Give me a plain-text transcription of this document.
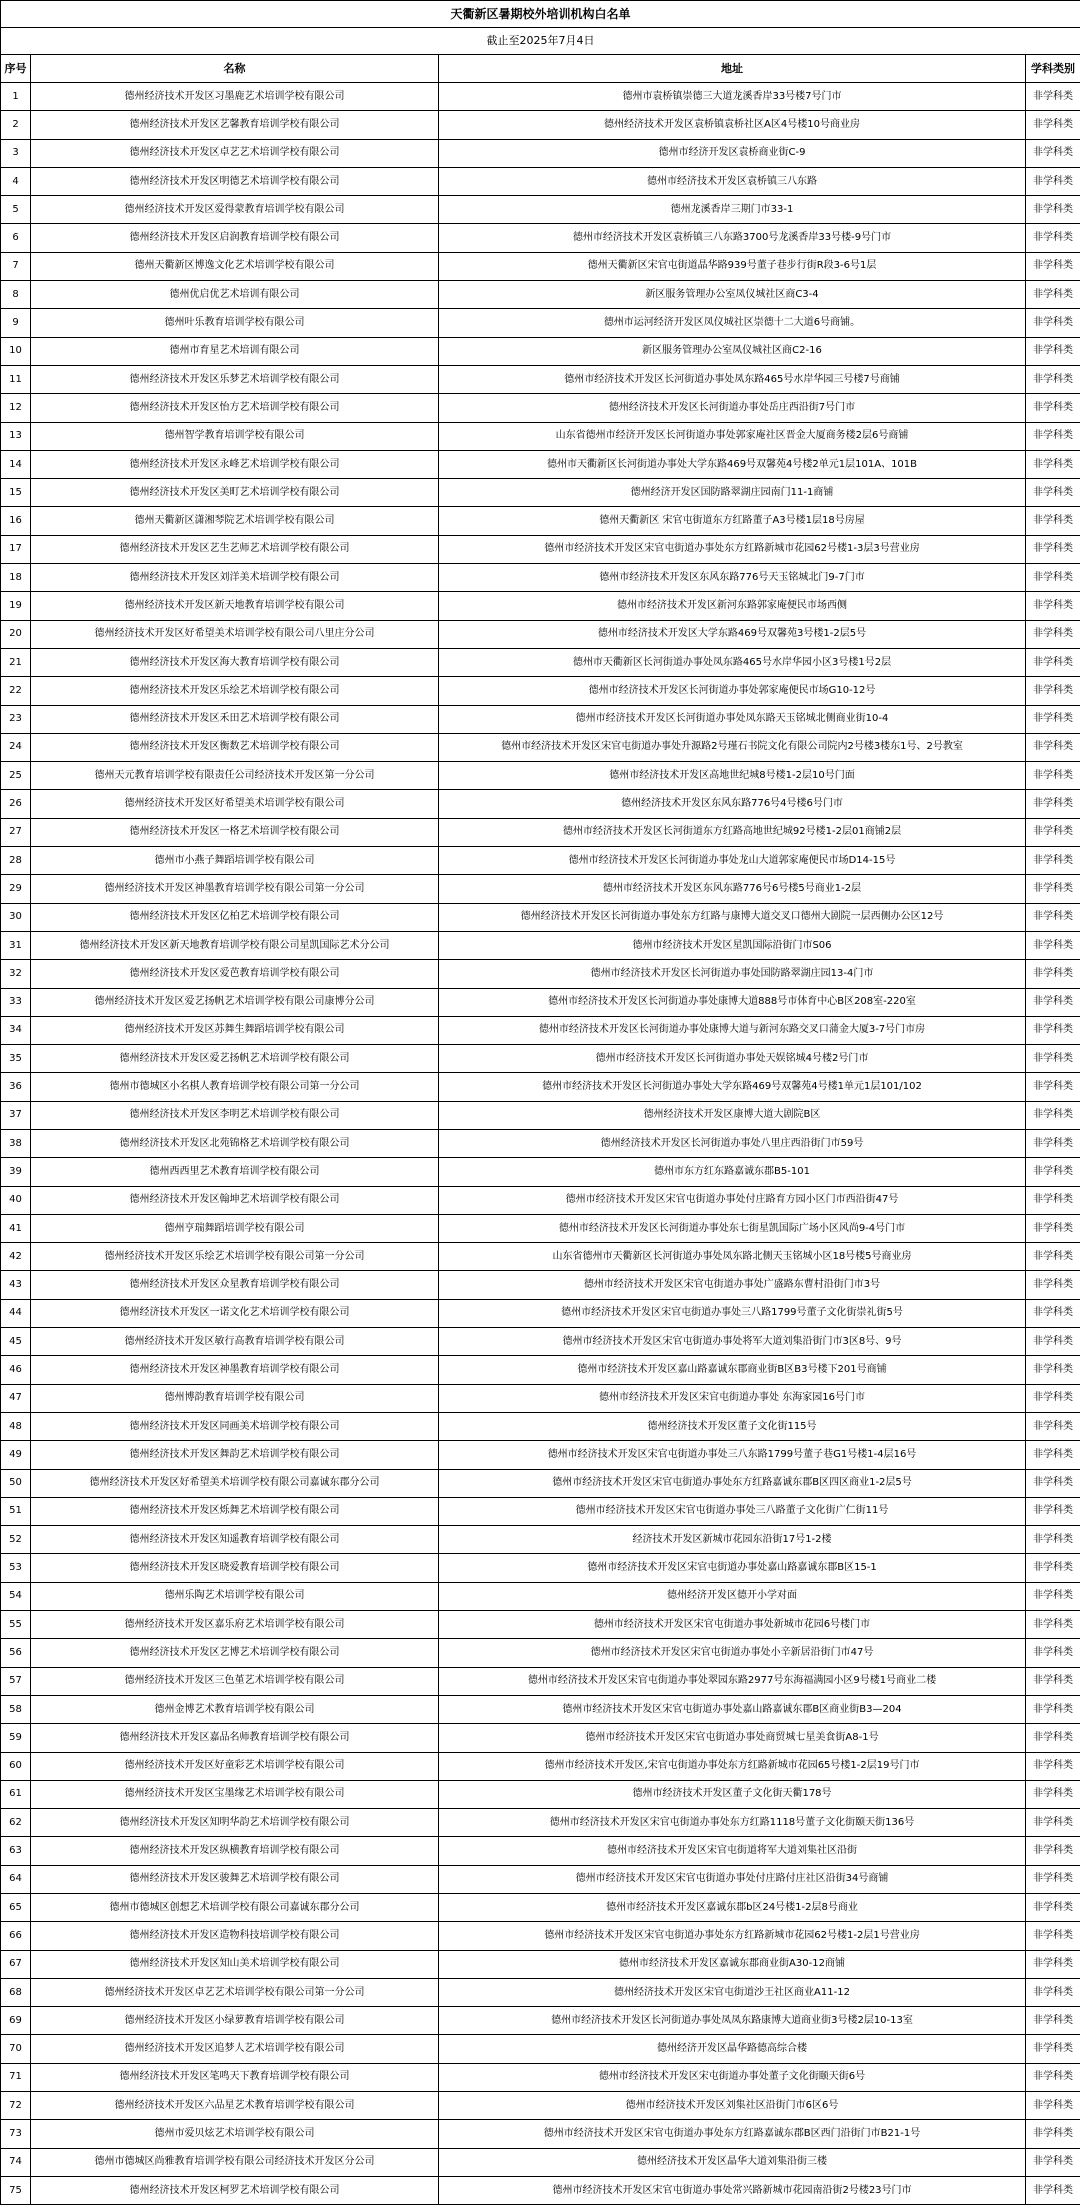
天衢新区暑期校外培训机构白名单			
截止至2025年7月4日			
序号	名称	地址	学科类别
1	德州经济技术开发区习墨鹿艺术培训学校有限公司	德州市袁桥镇崇德三大道龙溪香岸33号楼7号门市	非学科类
2	德州经济技术开发区艺馨教育培训学校有限公司	德州经济技术开发区袁桥镇袁桥社区A区4号楼10号商业房	非学科类
3	德州经济技术开发区卓艺艺术培训学校有限公司	德州市经济开发区袁桥商业街C-9	非学科类
4	德州经济技术开发区明德艺术培训学校有限公司	德州市经济技术开发区袁桥镇三八东路	非学科类
5	德州经济技术开发区爱得蒙教育培训学校有限公司	德州龙溪香岸三期门市33-1	非学科类
6	德州经济技术开发区启润教育培训学校有限公司	德州市经济技术开发区袁桥镇三八东路3700号龙溪香岸33号楼-9号门市	非学科类
7	德州天衢新区博逸文化艺术培训学校有限公司	德州天衢新区宋官屯街道晶华路939号董子巷步行街R段3-6号1层	非学科类
8	德州优启优艺术培训有限公司	新区服务管理办公室凤仪城社区商C3-4	非学科类
9	德州叶乐教育培训学校有限公司	德州市运河经济开发区凤仪城社区崇德十二大道6号商铺。	非学科类
10	德州市育星艺术培训有限公司	新区服务管理办公室凤仪城社区商C2-16	非学科类
11	德州经济技术开发区乐梦艺术培训学校有限公司	德州市经济技术开发区长河街道办事处凤东路465号水岸华园三号楼7号商铺	非学科类
12	德州经济技术开发区怡方艺术培训学校有限公司	德州经济技术开发区长河街道办事处岳庄西沿街7号门市	非学科类
13	德州智学教育培训学校有限公司	山东省德州市经济开发区长河街道办事处郭家庵社区晋金大厦商务楼2层6号商铺	非学科类
14	德州经济技术开发区永峰艺术培训学校有限公司	德州市天衢新区长河街道办事处大学东路469号双馨苑4号楼2单元1层101A、101B	非学科类
15	德州经济技术开发区美町艺术培训学校有限公司	德州经济开发区国防路翠湖庄园南门11-1商铺	非学科类
16	德州天衢新区潇湘琴院艺术培训学校有限公司	德州天衢新区 宋官屯街道东方红路董子A3号楼1层18号房屋	非学科类
17	德州经济技术开发区艺生艺师艺术培训学校有限公司	德州市经济技术开发区宋官屯街道办事处东方红路新城市花园62号楼1-3层3号营业房	非学科类
18	德州经济技术开发区刘洋美术培训学校有限公司	德州市经济技术开发区东风东路776号天玉铭城北门9-7门市	非学科类
19	德州经济技术开发区新天地教育培训学校有限公司	德州市经济技术开发区新河东路郭家庵便民市场西侧	非学科类
20	德州经济技术开发区好希望美术培训学校有限公司八里庄分公司	德州市经济技术开发区大学东路469号双馨苑3号楼1-2层5号	非学科类
21	德州经济技术开发区海大教育培训学校有限公司	德州市天衢新区长河街道办事处凤东路465号水岸华园小区3号楼1号2层	非学科类
22	德州经济技术开发区乐绘艺术培训学校有限公司	德州市经济技术开发区长河街道办事处郭家庵便民市场G10-12号	非学科类
23	德州经济技术开发区禾田艺术培训学校有限公司	德州市经济技术开发区长河街道办事处凤东路天玉铭城北侧商业街10-4	非学科类
24	德州经济技术开发区衡数艺术培训学校有限公司	德州市经济技术开发区宋官屯街道办事处升源路2号瑾石书院文化有限公司院内2号楼3楼东1号、2号教室	非学科类
25	德州天元教育培训学校有限责任公司经济技术开发区第一分公司	德州市经济技术开发区高地世纪城8号楼1-2层10号门面	非学科类
26	德州经济技术开发区好希望美术培训学校有限公司	德州经济技术开发区东风东路776号4号楼6号门市	非学科类
27	德州经济技术开发区一格艺术培训学校有限公司	德州市经济技术开发区长河街道东方红路高地世纪城92号楼1-2层01商铺2层	非学科类
28	德州市小燕子舞蹈培训学校有限公司	德州市经济技术开发区长河街道办事处龙山大道郭家庵便民市场D14-15号	非学科类
29	德州经济技术开发区神墨教育培训学校有限公司第一分公司	德州市经济技术开发区东风东路776号6号楼5号商业1-2层	非学科类
30	德州经济技术开发区亿柏艺术培训学校有限公司	德州经济技术开发区长河街道办事处东方红路与康博大道交叉口德州大剧院一层西侧办公区12号	非学科类
31	德州经济技术开发区新天地教育培训学校有限公司星凯国际艺术分公司	德州市经济技术开发区星凯国际沿街门市S06	非学科类
32	德州经济技术开发区爱芭教育培训学校有限公司	德州市经济技术开发区长河街道办事处国防路翠湖庄园13-4门市	非学科类
33	德州经济技术开发区爱艺扬帆艺术培训学校有限公司康博分公司	德州市经济技术开发区长河街道办事处康博大道888号市体育中心B区208室-220室	非学科类
34	德州经济技术开发区苏舞生舞蹈培训学校有限公司	德州市经济技术开发区长河街道办事处康博大道与新河东路交叉口蒲金大厦3-7号门市房	非学科类
35	德州经济技术开发区爱艺扬帆艺术培训学校有限公司	德州市经济技术开发区长河街道办事处天娱铭城4号楼2号门市	非学科类
36	德州市德城区小名棋人教育培训学校有限公司第一分公司	德州市经济技术开发区长河街道办事处大学东路469号双馨苑4号楼1单元1层101/102	非学科类
37	德州经济技术开发区李明艺术培训学校有限公司	德州经济技术开发区康博大道大剧院B区	非学科类
38	德州经济技术开发区北苑锦格艺术培训学校有限公司	德州经济技术开发区长河街道办事处八里庄西沿街门市59号	非学科类
39	德州西西里艺术教育培训学校有限公司	德州市东方红东路嘉诚东郡B5-101	非学科类
40	德州经济技术开发区翰坤艺术培训学校有限公司	德州市经济技术开发区宋官屯街道办事处付庄路育方园小区门市西沿街47号	非学科类
41	德州亨瑞舞蹈培训学校有限公司	德州市经济技术开发区长河街道办事处东七街星凯国际广场小区风尚9-4号门市	非学科类
42	德州经济技术开发区乐绘艺术培训学校有限公司第一分公司	山东省德州市天衢新区长河街道办事处凤东路北侧天玉铭城小区18号楼5号商业房	非学科类
43	德州经济技术开发区众星教育培训学校有限公司	德州市经济技术开发区宋官屯街道办事处广盛路东曹村沿街门市3号	非学科类
44	德州经济技术开发区一诺文化艺术培训学校有限公司	德州市经济技术开发区宋官屯街道办事处三八路1799号董子文化街崇礼街5号	非学科类
45	德州经济技术开发区敏行高教育培训学校有限公司	德州市经济技术开发区宋官屯街道办事处将军大道刘集沿街门市3区8号、9号	非学科类
46	德州经济技术开发区神墨教育培训学校有限公司	德州市经济技术开发区嘉山路嘉诚东郡商业街B区B3号楼下201号商铺	非学科类
47	德州博韵教育培训学校有限公司	德州市经济技术开发区宋官屯街道办事处 东海家园16号门市	非学科类
48	德州经济技术开发区同画美术培训学校有限公司	德州经济技术开发区董子文化街115号	非学科类
49	德州经济技术开发区舞韵艺术培训学校有限公司	德州市经济技术开发区宋官屯街道办事处三八东路1799号董子巷G1号楼1-4层16号	非学科类
50	德州经济技术开发区好希望美术培训学校有限公司嘉诚东郡分公司	德州市经济技术开发区宋官屯街道办事处东方红路嘉诚东郡B区四区商业1-2层5号	非学科类
51	德州经济技术开发区烁舞艺术培训学校有限公司	德州市经济技术开发区宋官屯街道办事处三八路董子文化街广仁街11号	非学科类
52	德州经济技术开发区知遥教育培训学校有限公司	经济技术开发区新城市花园东沿街17号1-2楼	非学科类
53	德州经济技术开发区晓爱教育培训学校有限公司	德州市经济技术开发区宋官屯街道办事处嘉山路嘉诚东郡B区15-1	非学科类
54	德州乐陶艺术培训学校有限公司	德州经济开发区德开小学对面	非学科类
55	德州经济技术开发区嘉乐府艺术培训学校有限公司	德州市经济技术开发区宋官屯街道办事处新城市花园6号楼门市	非学科类
56	德州经济技术开发区艺博艺术培训学校有限公司	德州市经济技术开发区宋官屯街道办事处小辛新居沿街门市47号	非学科类
57	德州经济技术开发区三色堇艺术培训学校有限公司	德州市经济技术开发区宋官屯街道办事处翠园东路2977号东海福满园小区9号楼1号商业二楼	非学科类
58	德州金博艺术教育培训学校有限公司	德州市经济技术开发区宋官屯街道办事处嘉山路嘉诚东郡B区商业街B3—204	非学科类
59	德州经济技术开发区嘉品名师教育培训学校有限公司	德州市经济技术开发区宋官屯街道办事处商贸城七星美食街A8-1号	非学科类
60	德州经济技术开发区好童彩艺术培训学校有限公司	德州市经济技术开发区,宋官屯街道办事处东方红路新城市花园65号楼1-2层19号门市	非学科类
61	德州经济技术开发区宝墨缘艺术培训学校有限公司	德州市经济技术开发区董子文化街天衢178号	非学科类
62	德州经济技术开发区知明华韵艺术培训学校有限公司	德州市经济技术开发区宋官屯街道办事处东方红路1118号董子文化街颐天街136号	非学科类
63	德州经济技术开发区纵横教育培训学校有限公司	德州市经济技术开发区宋官屯街道将军大道刘集社区沿街	非学科类
64	德州经济技术开发区骏舞艺术培训学校有限公司	德州市经济技术开发区宋官屯街道办事处付庄路付庄社区沿街34号商铺	非学科类
65	德州市德城区创想艺术培训学校有限公司嘉诚东郡分公司	德州市经济技术开发区嘉诚东郡b区24号楼1-2层8号商业	非学科类
66	德州经济技术开发区造物科技培训学校有限公司	德州市经济技术开发区宋官屯街道办事处东方红路新城市花园62号楼1-2层1号营业房	非学科类
67	德州经济技术开发区知山美术培训学校有限公司	德州市经济技术开发区嘉诚东郡商业街A30-12商铺	非学科类
68	德州经济技术开发区卓艺艺术培训学校有限公司第一分公司	德州经济技术开发区宋官屯街道沙王社区商业A11-12	非学科类
69	德州经济技术开发区小绿萝教育培训学校有限公司	德州市经济技术开发区长河街道办事处凤凤东路康博大道商业街3号楼2层10-13室	非学科类
70	德州经济技术开发区追梦人艺术培训学校有限公司	德州经济开发区晶华路德高综合楼	非学科类
71	德州经济技术开发区笔鸣天下教育培训学校有限公司	德州市经济技术开发区宋屯街道办事处董子文化街颐天街6号	非学科类
72	德州经济技术开发区六品星艺术教育培训学校有限公司	德州市经济技术开发区刘集社区沿街门市6区6号	非学科类
73	德州市爱贝炫艺术培训学校有限公司	德州市经济技术开发区宋官屯街道办事处东方红路嘉诚东郡B区西门沿街门市B21-1号	非学科类
74	德州市德城区尚雅教育培训学校有限公司经济技术开发区分公司	德州经济技术开发区晶华大道刘集沿街三楼	非学科类
75	德州经济技术开发区柯罗艺术培训学校有限公司	德州市经济技术开发区宋官屯街道办事处常兴路新城市花园南沿街2号楼23号门市	非学科类
